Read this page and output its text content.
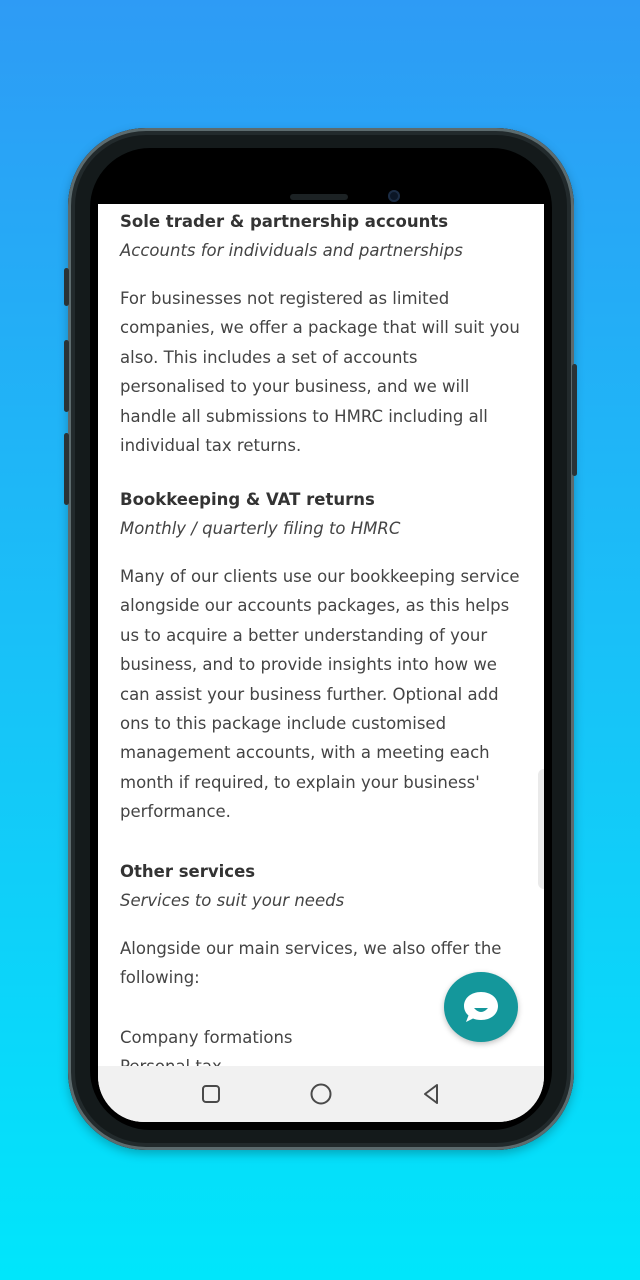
Sole trader & partnership accounts

Accounts for individuals and partnerships

For businesses not registered as limited companies, we offer a package that will suit you also. This includes a set of accounts personalised to your business, and we will handle all submissions to HMRC including all individual tax returns.

Bookkeeping & VAT returns

Monthly / quarterly filing to HMRC

Many of our clients use our bookkeeping service alongside our accounts packages, as this helps us to acquire a better understanding of your business, and to provide insights into how we can assist your business further. Optional add ons to this package include customised management accounts, with a meeting each month if required, to explain your business' performance.

Other services

Services to suit your needs

Alongside our main services, we also offer the following:

Company formations
